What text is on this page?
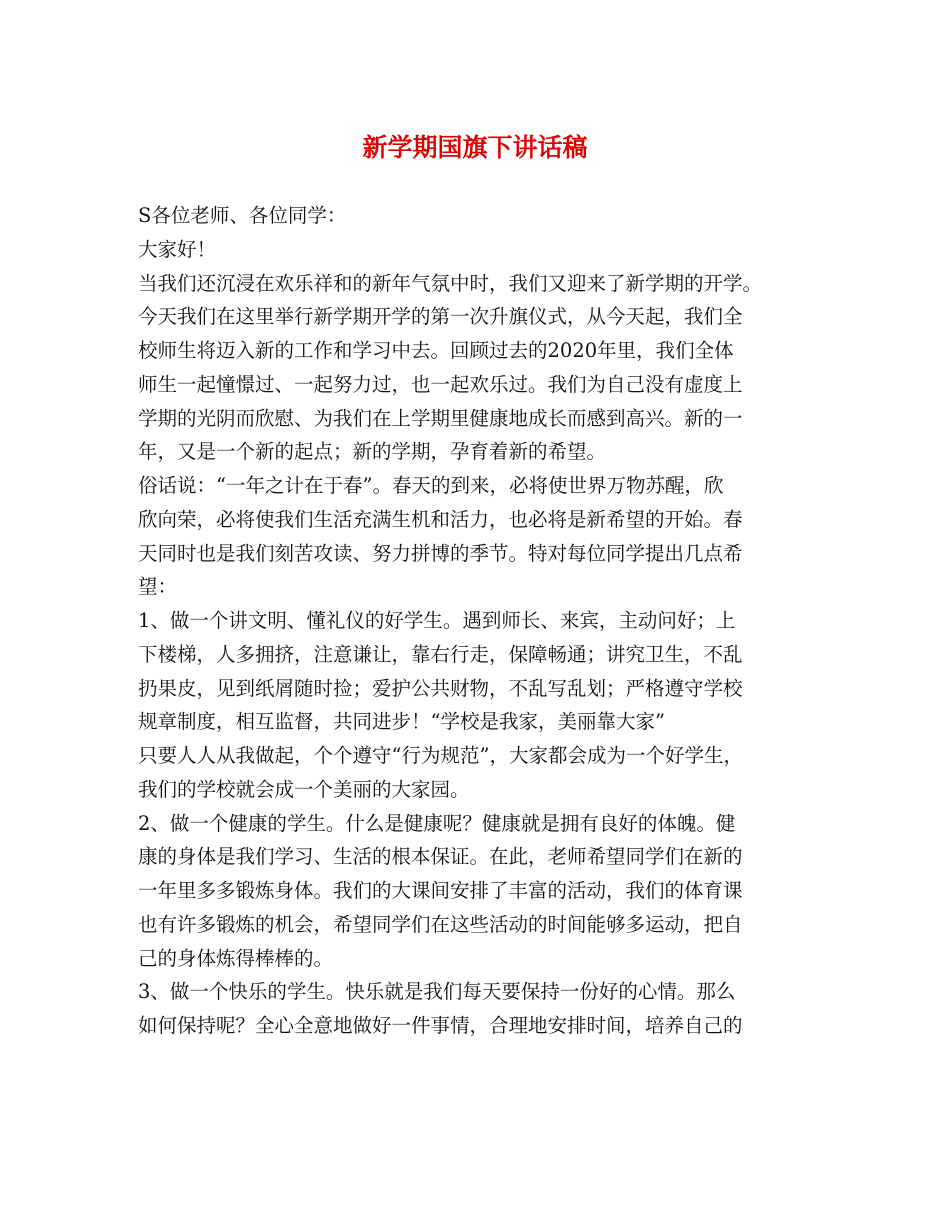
新学期国旗下讲话稿
S各位老师、各位同学：
大家好！
当我们还沉浸在欢乐祥和的新年气氛中时，我们又迎来了新学期的开学。
今天我们在这里举行新学期开学的第一次升旗仪式，从今天起，我们全
校师生将迈入新的工作和学习中去。回顾过去的2020年里，我们全体
师生一起憧憬过、一起努力过，也一起欢乐过。我们为自己没有虚度上
学期的光阴而欣慰、为我们在上学期里健康地成长而感到高兴。新的一
年，又是一个新的起点；新的学期，孕育着新的希望。
俗话说：“一年之计在于春”。春天的到来，必将使世界万物苏醒，欣
欣向荣，必将使我们生活充满生机和活力，也必将是新希望的开始。春
天同时也是我们刻苦攻读、努力拼博的季节。特对每位同学提出几点希
望：
1、做一个讲文明、懂礼仪的好学生。遇到师长、来宾，主动问好；上
下楼梯，人多拥挤，注意谦让，靠右行走，保障畅通；讲究卫生，不乱
扔果皮，见到纸屑随时捡；爱护公共财物，不乱写乱划；严格遵守学校
规章制度，相互监督，共同进步！“学校是我家，美丽靠大家”
只要人人从我做起，个个遵守“行为规范”，大家都会成为一个好学生，
我们的学校就会成一个美丽的大家园。
2、做一个健康的学生。什么是健康呢？健康就是拥有良好的体魄。健
康的身体是我们学习、生活的根本保证。在此，老师希望同学们在新的
一年里多多锻炼身体。我们的大课间安排了丰富的活动，我们的体育课
也有许多锻炼的机会，希望同学们在这些活动的时间能够多运动，把自
己的身体炼得棒棒的。
3、做一个快乐的学生。快乐就是我们每天要保持一份好的心情。那么
如何保持呢？全心全意地做好一件事情，合理地安排时间，培养自己的
